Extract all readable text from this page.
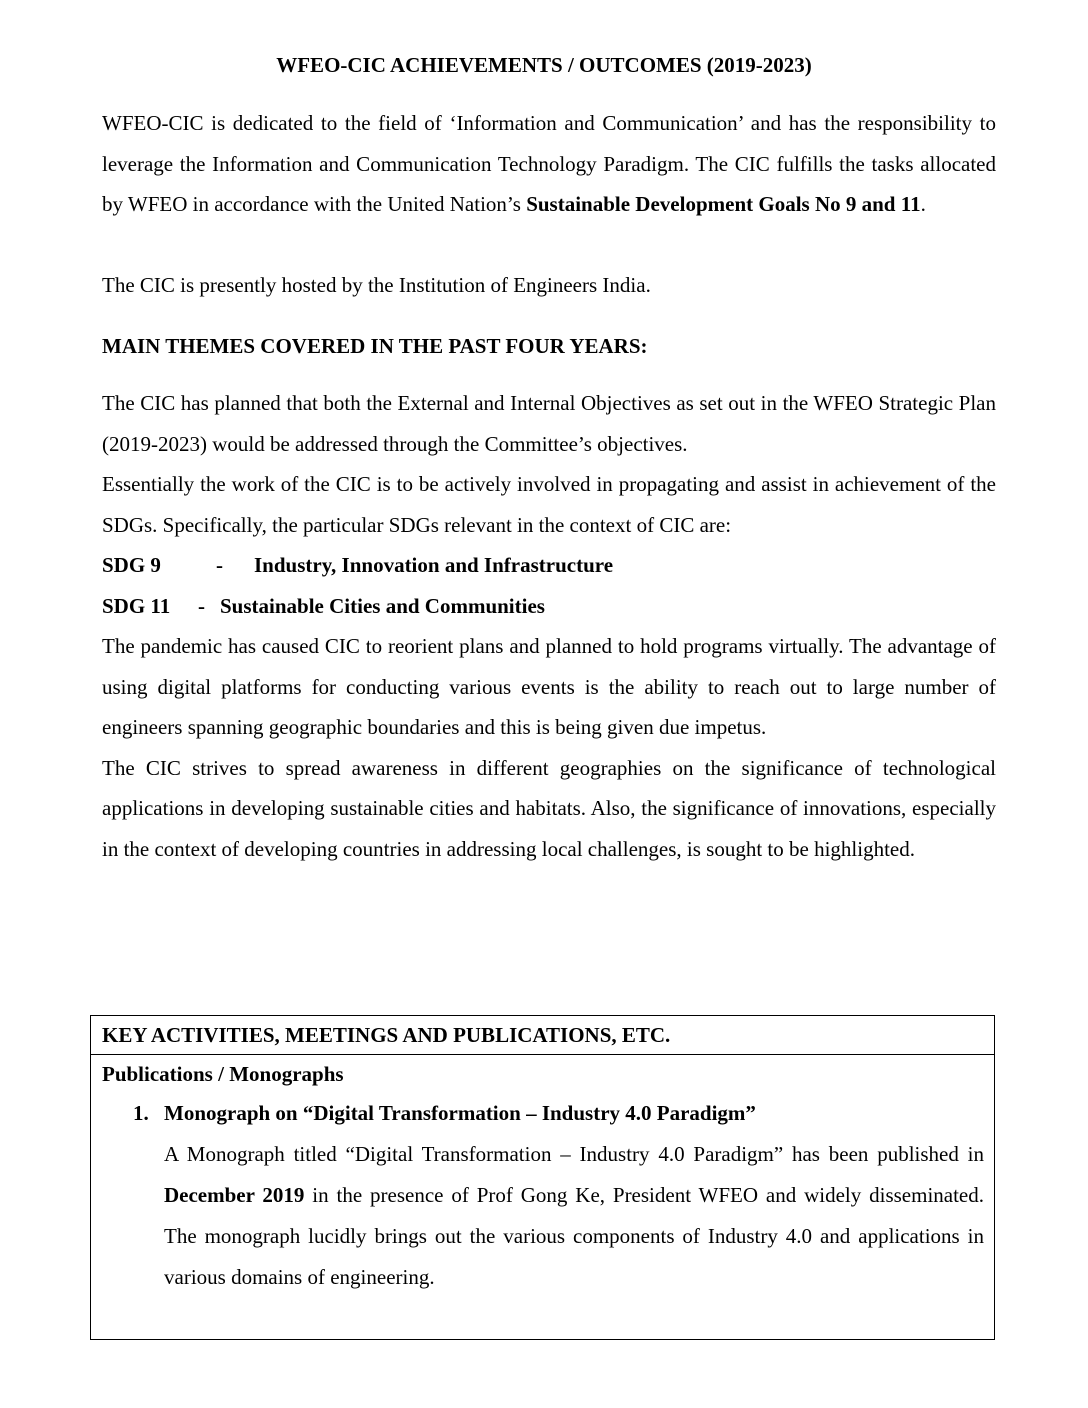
WFEO-CIC ACHIEVEMENTS / OUTCOMES (2019-2023)
WFEO-CIC is dedicated to the field of ‘Information and Communication’ and has the responsibility to leverage the Information and Communication Technology Paradigm. The CIC fulfills the tasks allocated by WFEO in accordance with the United Nation’s Sustainable Development Goals No 9 and 11.
The CIC is presently hosted by the Institution of Engineers India.
MAIN THEMES COVERED IN THE PAST FOUR YEARS:

The CIC has planned that both the External and Internal Objectives as set out in the WFEO Strategic Plan (2019-2023) would be addressed through the Committee’s objectives.

Essentially the work of the CIC is to be actively involved in propagating and assist in achievement of the SDGs. Specifically, the particular SDGs relevant in the context of CIC are:

SDG 9	-	Industry, Innovation and Infrastructure
SDG 11	- Sustainable Cities and Communities

The pandemic has caused CIC to reorient plans and planned to hold programs virtually. The advantage of using digital platforms for conducting various events is the ability to reach out to large number of engineers spanning geographic boundaries and this is being given due impetus.

The CIC strives to spread awareness in different geographies on the significance of technological applications in developing sustainable cities and habitats. Also, the significance of innovations, especially in the context of developing countries in addressing local challenges, is sought to be highlighted.

KEY ACTIVITIES, MEETINGS AND PUBLICATIONS, ETC.
Publications / Monographs
1. Monograph on “Digital Transformation – Industry 4.0 Paradigm”
A Monograph titled “Digital Transformation – Industry 4.0 Paradigm” has been published in December 2019 in the presence of Prof Gong Ke, President WFEO and widely disseminated. The monograph lucidly brings out the various components of Industry 4.0 and applications in various domains of engineering.
